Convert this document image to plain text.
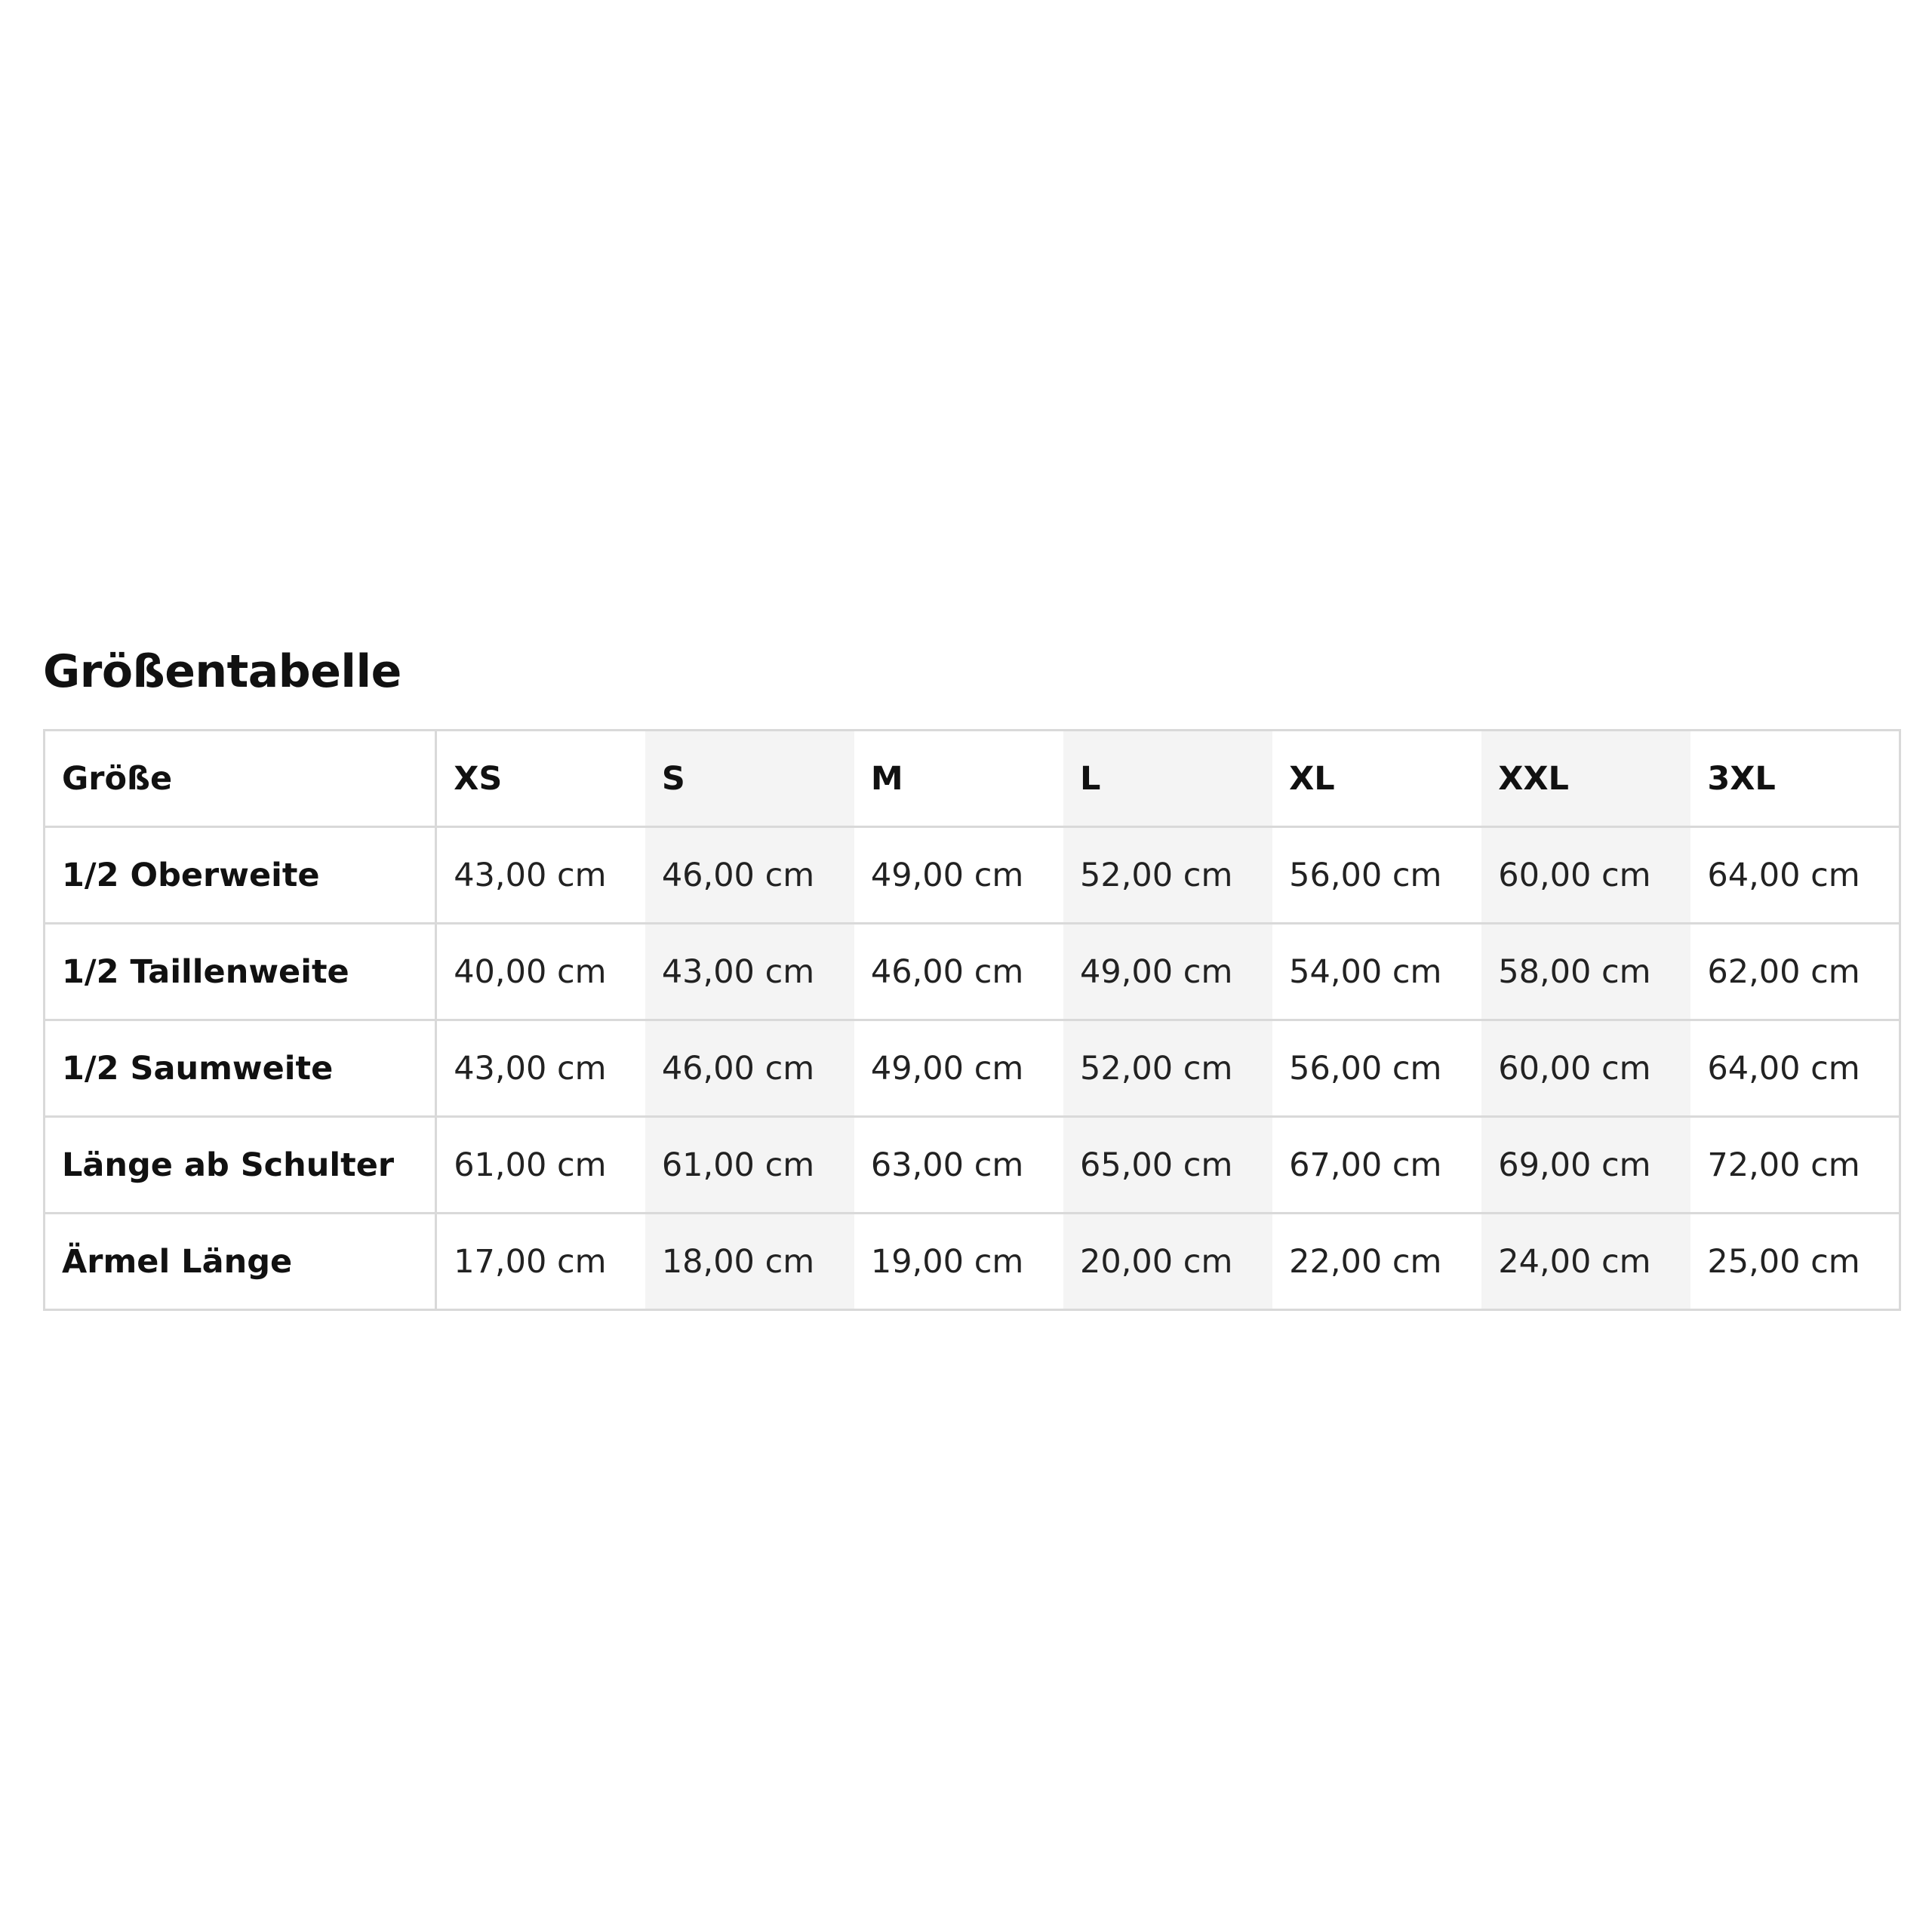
Größentabelle
Größe	XS	S	M	L	XL	XXL	3XL
1/2 Oberweite	43,00 cm	46,00 cm	49,00 cm	52,00 cm	56,00 cm	60,00 cm	64,00 cm
1/2 Taillenweite	40,00 cm	43,00 cm	46,00 cm	49,00 cm	54,00 cm	58,00 cm	62,00 cm
1/2 Saumweite	43,00 cm	46,00 cm	49,00 cm	52,00 cm	56,00 cm	60,00 cm	64,00 cm
Länge ab Schulter	61,00 cm	61,00 cm	63,00 cm	65,00 cm	67,00 cm	69,00 cm	72,00 cm
Ärmel Länge	17,00 cm	18,00 cm	19,00 cm	20,00 cm	22,00 cm	24,00 cm	25,00 cm
